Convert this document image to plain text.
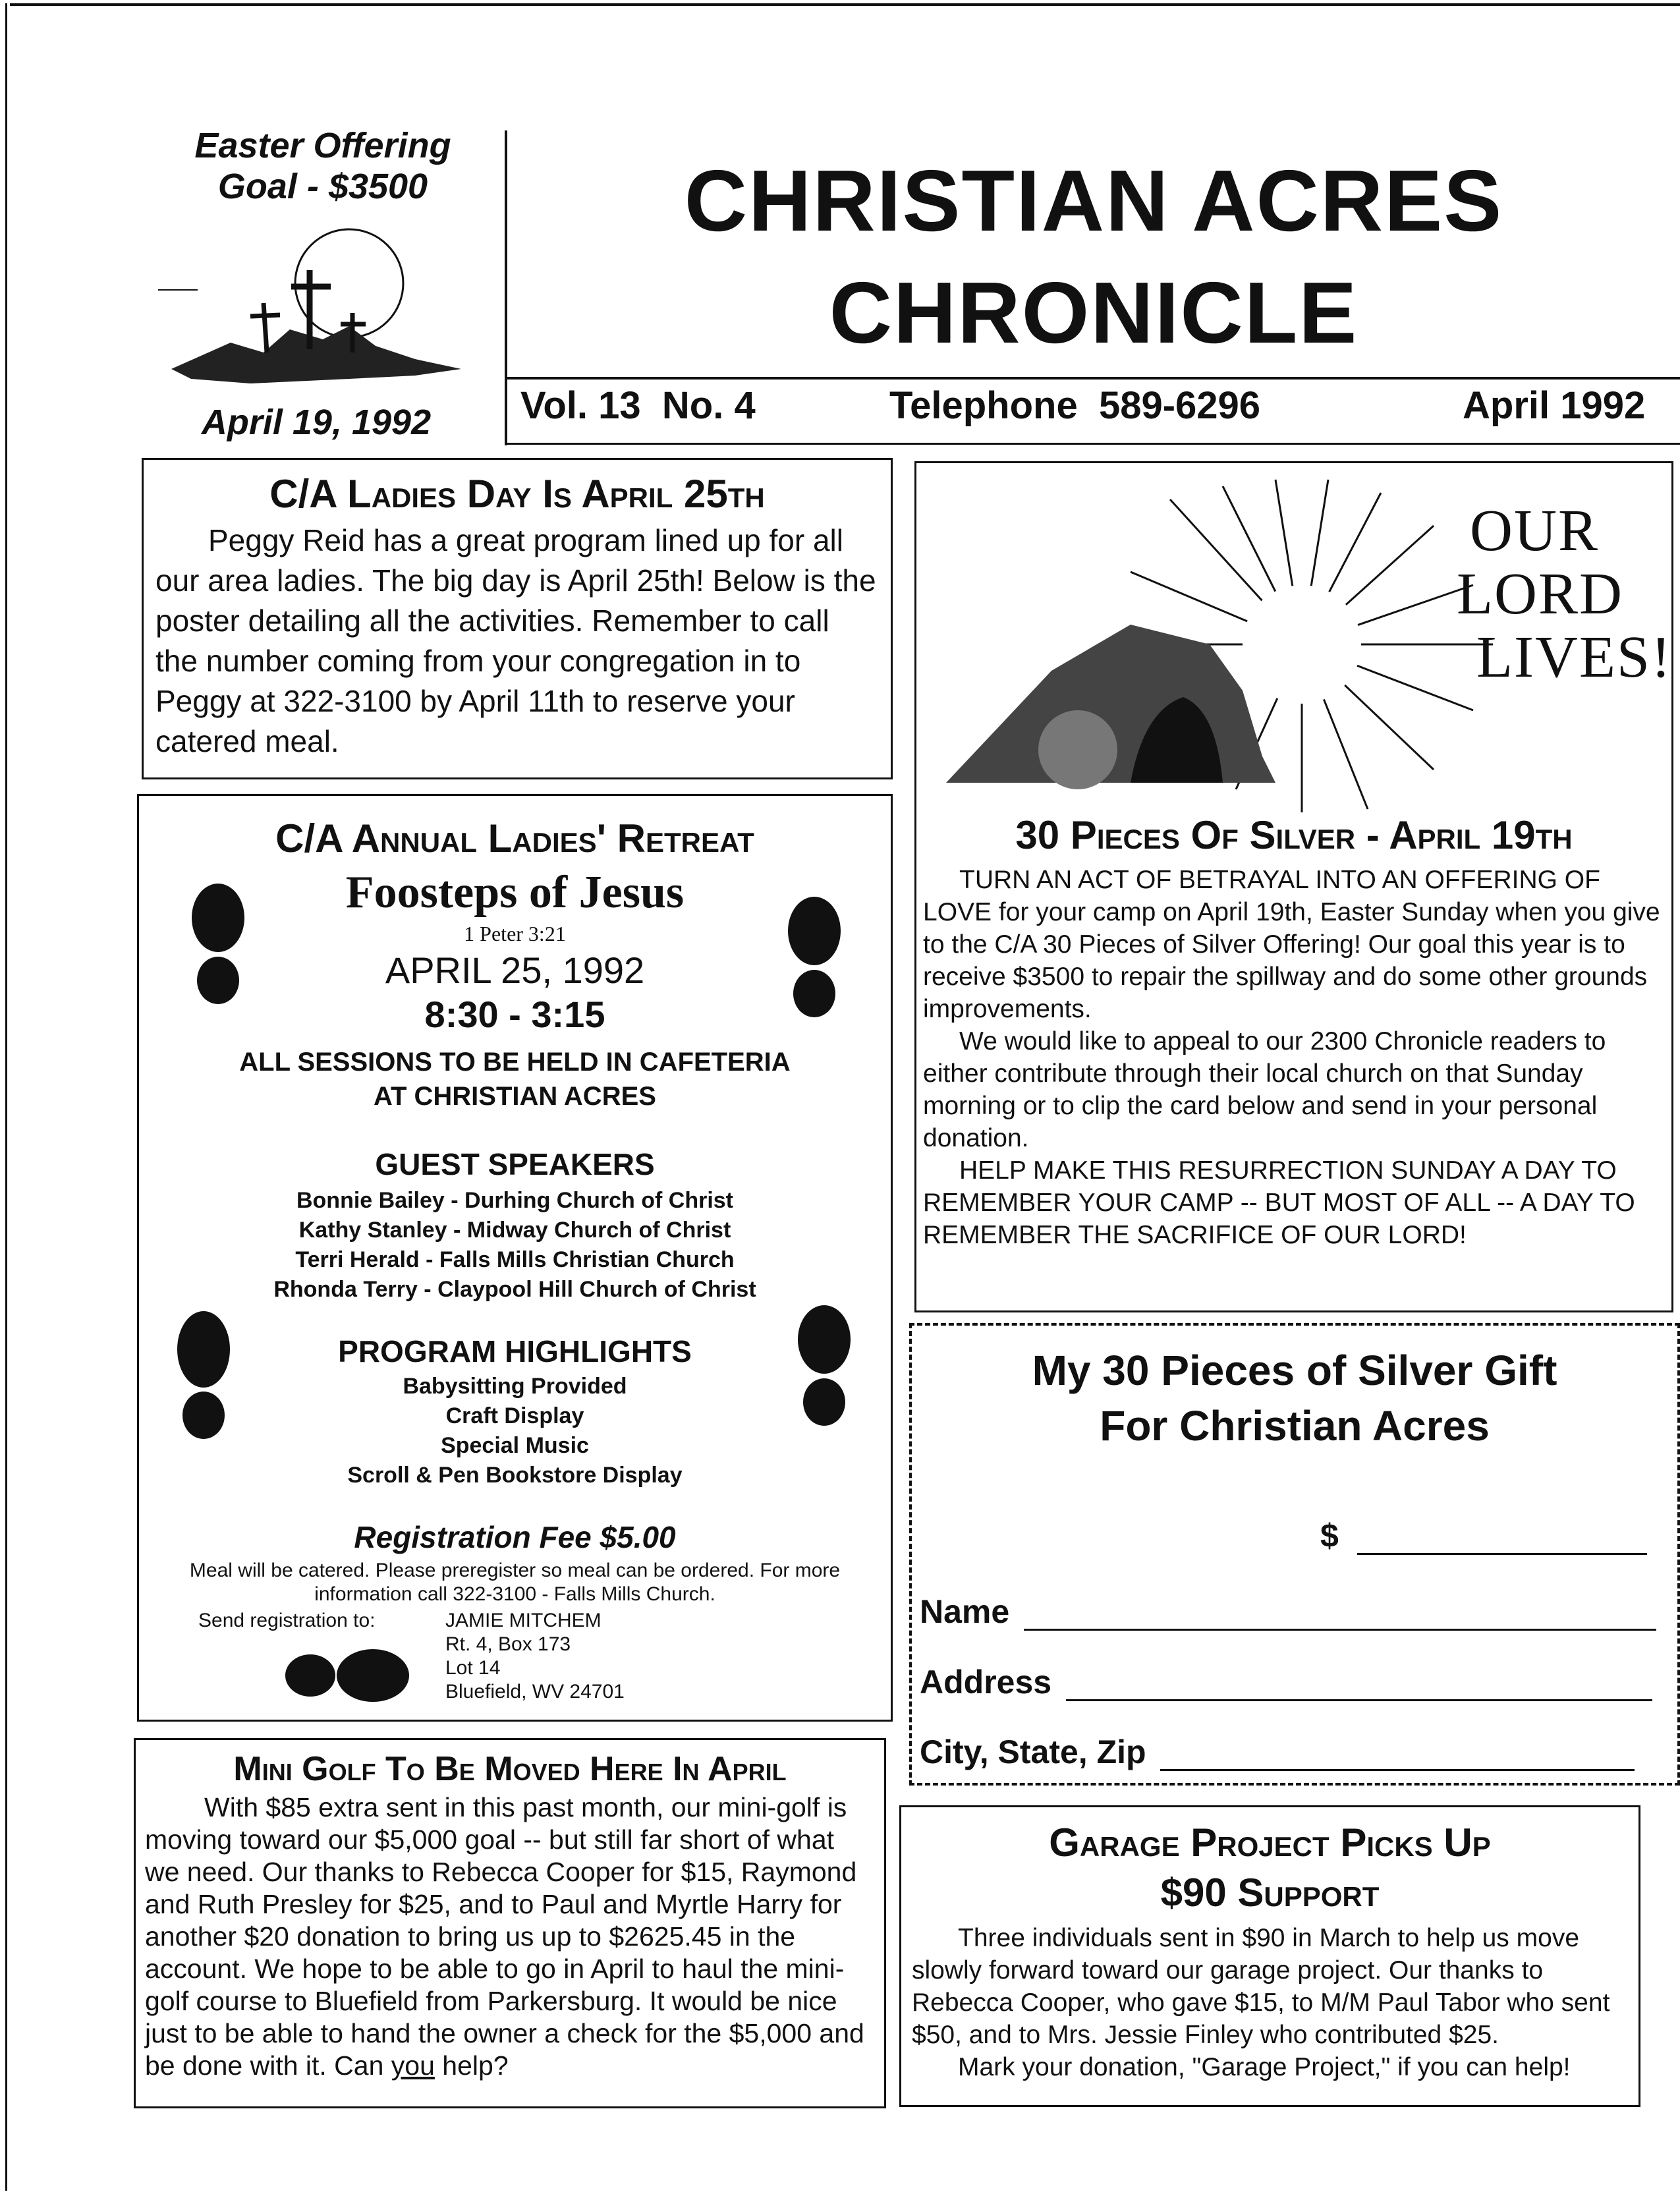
Easter Offering
Goal - $3500
April 19, 1992
CHRISTIAN ACRES
CHRONICLE
Vol. 13  No. 4	Telephone  589-6296	April 1992
C/A Ladies Day Is April 25th

Peggy Reid has a great program lined up for all our area ladies. The big day is April 25th! Below is the poster detailing all the activities. Remember to call the number coming from your congregation in to Peggy at 322-3100 by April 11th to reserve your catered meal.

C/A Annual Ladies' Retreat
Foosteps of Jesus
1 Peter 3:21
APRIL 25, 1992
8:30 - 3:15
ALL SESSIONS TO BE HELD IN CAFETERIA
AT CHRISTIAN ACRES
GUEST SPEAKERS
Bonnie Bailey - Durhing Church of Christ
Kathy Stanley - Midway Church of Christ
Terri Herald - Falls Mills Christian Church
Rhonda Terry - Claypool Hill Church of Christ
PROGRAM HIGHLIGHTS
Babysitting Provided
Craft Display
Special Music
Scroll & Pen Bookstore Display
Registration Fee $5.00
Meal will be catered. Please preregister so meal can be ordered. For more information call 322-3100 - Falls Mills Church.
Send registration to:	JAMIE MITCHEM
Rt. 4, Box 173
Lot 14
Bluefield, WV 24701
Mini Golf To Be Moved Here In April

With $85 extra sent in this past month, our mini-golf is moving toward our $5,000 goal -- but still far short of what we need. Our thanks to Rebecca Cooper for $15, Raymond and Ruth Presley for $25, and to Paul and Myrtle Harry for another $20 donation to bring us up to $2625.45 in the account. We hope to be able to go in April to haul the mini-golf course to Bluefield from Parkersburg. It would be nice just to be able to hand the owner a check for the $5,000 and be done with it. Can you help?

OUR
LORD
LIVES!
30 Pieces Of Silver - April 19th

TURN AN ACT OF BETRAYAL INTO AN OFFERING OF LOVE for your camp on April 19th, Easter Sunday when you give to the C/A 30 Pieces of Silver Offering! Our goal this year is to receive $3500 to repair the spillway and do some other grounds improvements.

We would like to appeal to our 2300 Chronicle readers to either contribute through their local church on that Sunday morning or to clip the card below and send in your personal donation.

HELP MAKE THIS RESURRECTION SUNDAY A DAY TO REMEMBER YOUR CAMP -- BUT MOST OF ALL -- A DAY TO REMEMBER THE SACRIFICE OF OUR LORD!

My 30 Pieces of Silver Gift
For Christian Acres
$
Name
Address
City, State, Zip
Garage Project Picks Up
$90 Support

Three individuals sent in $90 in March to help us move slowly forward toward our garage project. Our thanks to Rebecca Cooper, who gave $15, to M/M Paul Tabor who sent $50, and to Mrs. Jessie Finley who contributed $25.

Mark your donation, "Garage Project," if you can help!
